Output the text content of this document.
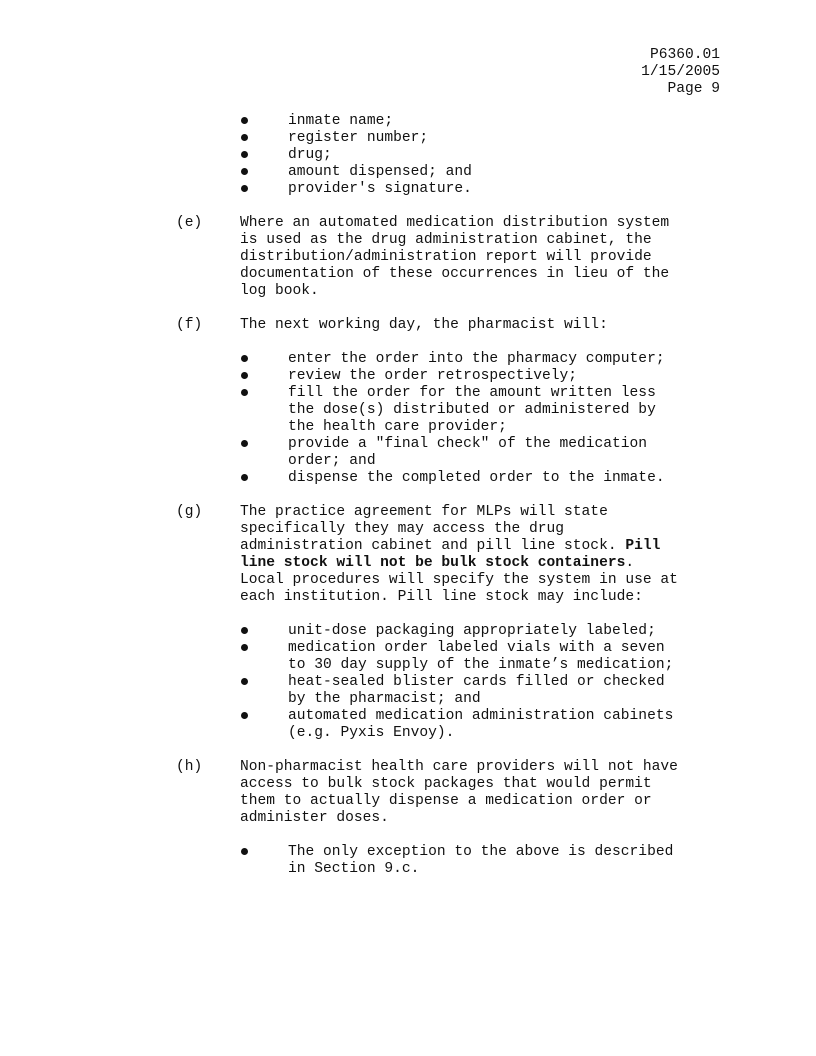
P6360.01
1/15/2005
Page 9
inmate name;
register number;
drug;
amount dispensed; and
provider's signature.
(e)	Where an automated medication distribution system
is used as the drug administration cabinet, the
distribution/administration report will provide
documentation of these occurrences in lieu of the
log book.
(f)	The next working day, the pharmacist will:
enter the order into the pharmacy computer;
review the order retrospectively;
fill the order for the amount written less
the dose(s) distributed or administered by
the health care provider;
provide a "final check" of the medication
order; and
dispense the completed order to the inmate.
(g)	The practice agreement for MLPs will state
specifically they may access the drug
administration cabinet and pill line stock. Pill
line stock will not be bulk stock containers.
Local procedures will specify the system in use at
each institution. Pill line stock may include:
unit-dose packaging appropriately labeled;
medication order labeled vials with a seven
to 30 day supply of the inmate’s medication;
heat-sealed blister cards filled or checked
by the pharmacist; and
automated medication administration cabinets
(e.g. Pyxis Envoy).
(h)	Non-pharmacist health care providers will not have
access to bulk stock packages that would permit
them to actually dispense a medication order or
administer doses.
The only exception to the above is described
in Section 9.c.
